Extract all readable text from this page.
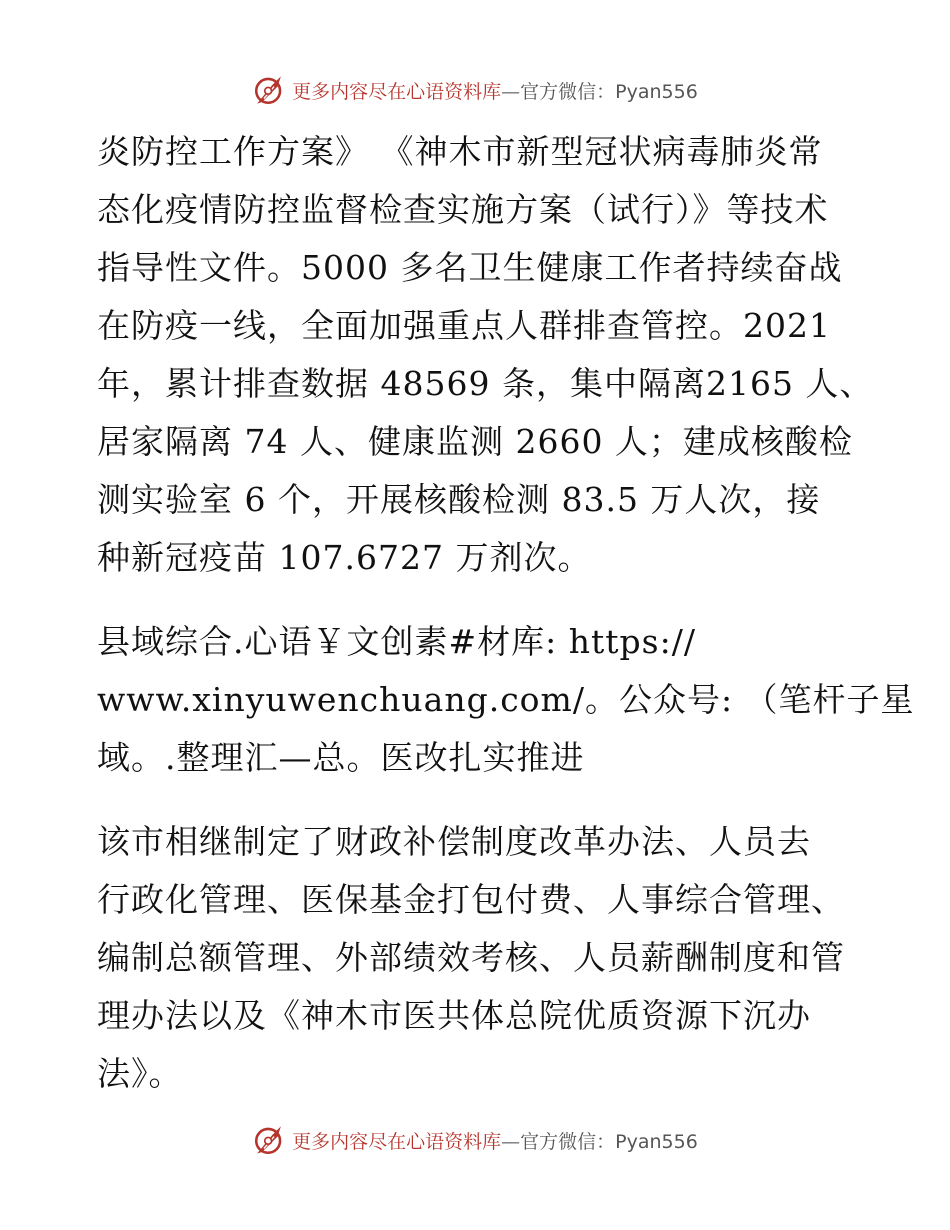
更多内容尽在心语资料库—官方微信：Pyan556

炎防控工作方案》 《神木市新型冠状病毒肺炎常
态化疫情防控监督检查实施方案（试行）》等技术
指导性文件。5000 多名卫生健康工作者持续奋战
在防疫一线，全面加强重点人群排查管控。2021
年，累计排查数据 48569 条，集中隔离2165 人、
居家隔离 74 人、健康监测 2660 人；建成核酸检
测实验室 6 个，开展核酸检测 83.5 万人次，接
种新冠疫苗 107.6727 万剂次。

县域综合.心语￥文创素#材库: https://
www.xinyuwenchuang.com/。公众号: （笔杆子星
域。.整理汇—总。医改扎实推进

该市相继制定了财政补偿制度改革办法、人员去
行政化管理、医保基金打包付费、人事综合管理、
编制总额管理、外部绩效考核、人员薪酬制度和管
理办法以及《神木市医共体总院优质资源下沉办
法》。

更多内容尽在心语资料库—官方微信：Pyan556
